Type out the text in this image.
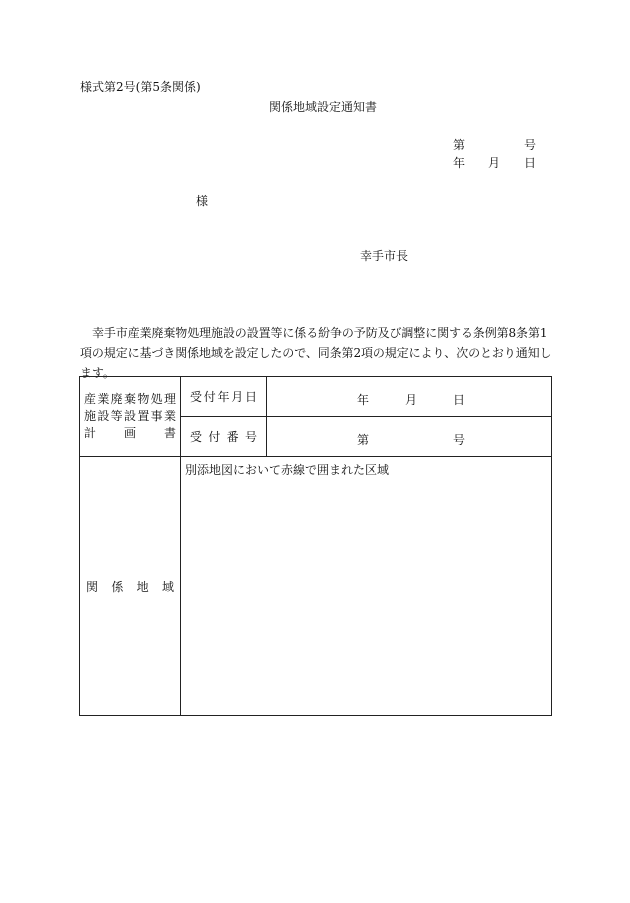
様式第2号(第5条関係)
関係地域設定通知書
第	号
年 月 日
様
幸手市長
幸手市産業廃棄物処理施設の設置等に係る紛争の予防及び調整に関する条例第8条第1項の規定に基づき関係地域を設定したので、同条第2項の規定により、次のとおり通知します。
産業廃棄物処理
施設等設置事業
計　画　書	受付年月日	年 月 日

	受付番号	第 号

関係地域	別添地図において赤線で囲まれた区域	
